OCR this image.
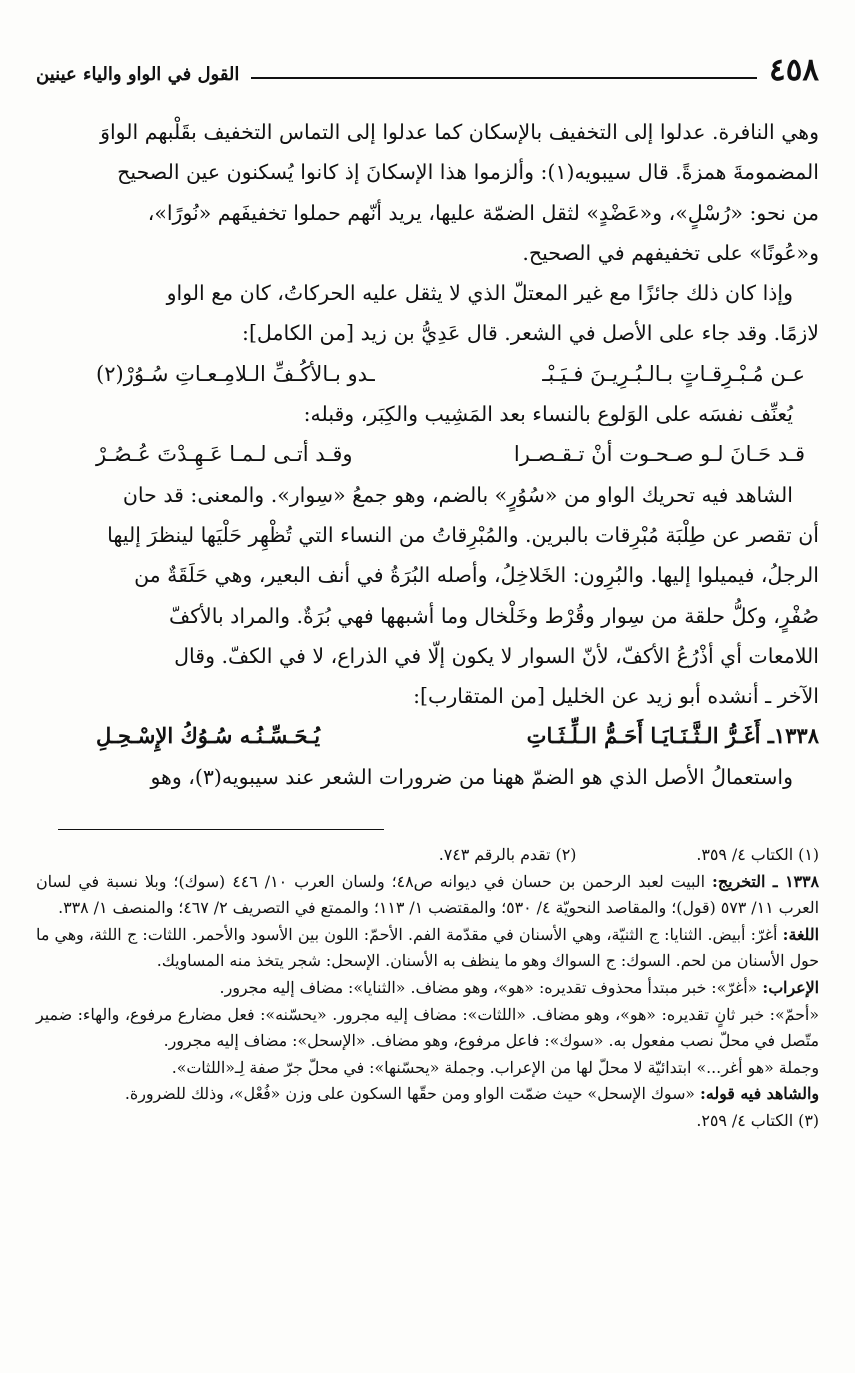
٤٥٨
القول في الواو والياء عينين

وهي النافرة. عدلوا إلى التخفيف بالإسكان كما عدلوا إلى التماس التخفيف بقَلْبهم الواوَ

المضمومةَ همزةً. قال سيبويه(١): وألزموا هذا الإسكانَ إذ كانوا يُسكنون عين الصحيح

من نحو: «رُسْلٍ»، و«عَضْدٍ» لثقل الضمّة عليها، يريد أنّهم حملوا تخفيفَهم «نُورًا»،

و«عُونًا» على تخفيفهم في الصحيح.

وإذا كان ذلك جائزًا مع غير المعتلّ الذي لا يثقل عليه الحركاتُ، كان مع الواو

لازمًا. وقد جاء على الأصل في الشعر. قال عَدِيُّ بن زيد [من الكامل]:

عـن مُـبْـرِقـاتٍ بـالـبُـرِيـنَ فـيَـبْـ
ـدو بـالأكُـفِّ الـلامِـعـاتِ سُـوُرْ(٢)

يُعنِّف نفسَه على الوَلوع بالنساء بعد المَشِيب والكِبَر، وقبله:

قـد حَـانَ لـو صـحـوت أنْ تـقـصـرا
وقـد أتـى لـمـا عَـهِـدْتَ عُـصُـرْ

الشاهد فيه تحريك الواو من «سُوُرٍ» بالضم، وهو جمعُ «سِوار». والمعنى: قد حان

أن تقصر عن طِلْبَة مُبْرِقات بالبرين. والمُبْرِقاتُ من النساء التي تُظْهِر حَلْيَها لينظرَ إليها

الرجلُ، فيميلوا إليها. والبُرِون: الخَلاخِلُ، وأصله البُرَةُ في أنف البعير، وهي حَلَقَةٌ من

صُفْرٍ، وكلُّ حلقة من سِوار وقُرْط وخَلْخال وما أشبهها فهي بُرَةٌ. والمراد بالأكفّ

اللامعات أي أذْرُعُ الأكفّ، لأنّ السوار لا يكون إلّا في الذراع، لا في الكفّ. وقال

الآخر ـ أنشده أبو زيد عن الخليل [من المتقارب]:

١٣٣٨ـ أَغَـرُّ الـثَّـنَـايَـا أَحَـمُّ الـلِّـثَـاتِ
يُـحَـسِّـنُـه سُـوُكُ الإِسْـحِـلِ

واستعمالُ الأصل الذي هو الضمّ ههنا من ضرورات الشعر عند سيبويه(٣)، وهو

(١) الكتاب ٤/ ٣٥٩.
(٢) تقدم بالرقم ٧٤٣.

١٣٣٨ ـ التخريج: البيت لعبد الرحمن بن حسان في ديوانه ص٤٨؛ ولسان العرب ١٠/ ٤٤٦ (سوك)؛ وبلا نسبة في لسان العرب ١١/ ٥٧٣ (قول)؛ والمقاصد النحويّة ٤/ ٥٣٠؛ والمقتضب ١/ ١١٣؛ والممتع في التصريف ٢/ ٤٦٧؛ والمنصف ١/ ٣٣٨.

اللغة: أغرّ: أبيض. الثنايا: ج الثنيّة، وهي الأسنان في مقدّمة الفم. الأحمّ: اللون بين الأسود والأحمر. اللثات: ج اللثة، وهي ما حول الأسنان من لحم. السوك: ج السواك وهو ما ينظف به الأسنان. الإسحل: شجر يتخذ منه المساويك.

الإعراب: «أغرّ»: خبر مبتدأ محذوف تقديره: «هو»، وهو مضاف. «الثنايا»: مضاف إليه مجرور.

«أحمّ»: خبر ثانٍ تقديره: «هو»، وهو مضاف. «اللثات»: مضاف إليه مجرور. «يحسّنه»: فعل مضارع مرفوع، والهاء: ضمير متّصل في محلّ نصب مفعول به. «سوك»: فاعل مرفوع، وهو مضاف. «الإسحل»: مضاف إليه مجرور.

وجملة «هو أغر...» ابتدائيّة لا محلّ لها من الإعراب. وجملة «يحسّنها»: في محلّ جرّ صفة لِـ«اللثات».

والشاهد فيه قوله: «سوك الإسحل» حيث ضمّت الواو ومن حقّها السكون على وزن «فُعْل»، وذلك للضرورة.

(٣) الكتاب ٤/ ٢٥٩.
